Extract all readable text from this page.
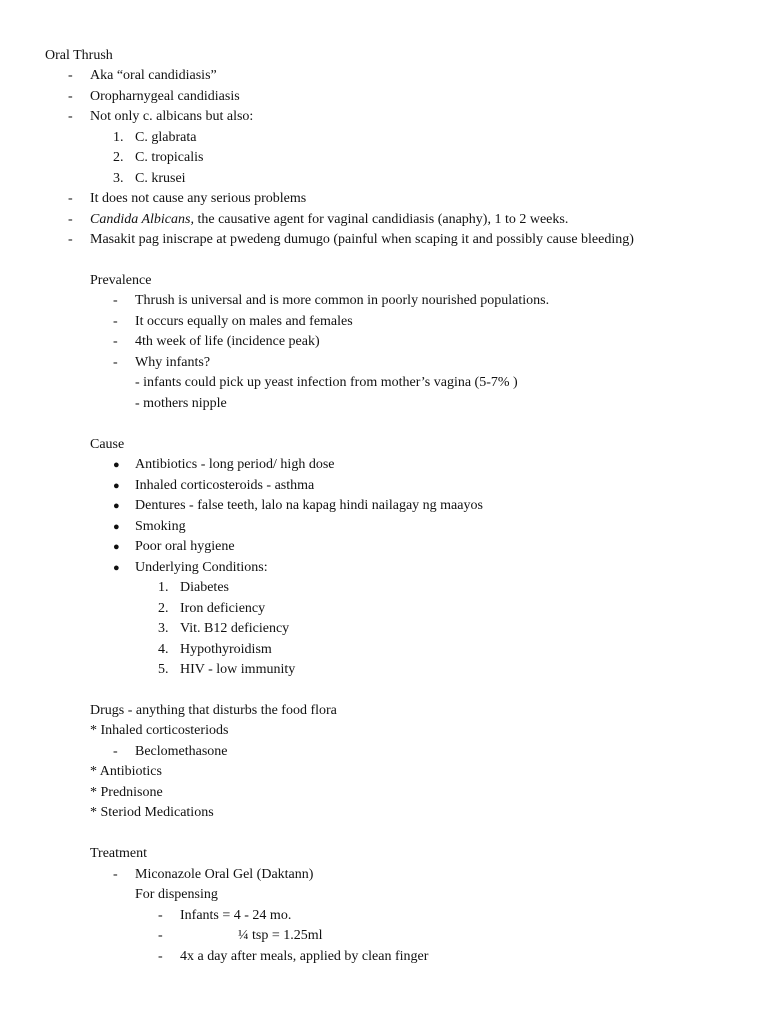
Oral Thrush
- Aka “oral candidiasis”
- Oropharnygeal candidiasis
- Not only c. albicans but also:
1. C. glabrata
2. C. tropicalis
3. C. krusei
- It does not cause any serious problems
- Candida Albicans, the causative agent for vaginal candidiasis (anaphy), 1 to 2 weeks.
- Masakit pag iniscrape at pwedeng dumugo (painful when scaping it and possibly cause bleeding)
Prevalence
- Thrush is universal and is more common in poorly nourished populations.
- It occurs equally on males and females
- 4th week of life (incidence peak)
- Why infants?
- infants could pick up yeast infection from mother’s vagina (5-7% )
- mothers nipple
Cause
● Antibiotics - long period/ high dose
● Inhaled corticosteroids - asthma
● Dentures - false teeth, lalo na kapag hindi nailagay ng maayos
● Smoking
● Poor oral hygiene
● Underlying Conditions:
1. Diabetes
2. Iron deficiency
3. Vit. B12 deficiency
4. Hypothyroidism
5. HIV - low immunity
Drugs - anything that disturbs the food flora
* Inhaled corticosteriods
- Beclomethasone
* Antibiotics
* Prednisone
* Steriod Medications
Treatment
- Miconazole Oral Gel (Daktann)
For dispensing
- Infants = 4 - 24 mo.
-	¼ tsp = 1.25ml
- 4x a day after meals, applied by clean finger
